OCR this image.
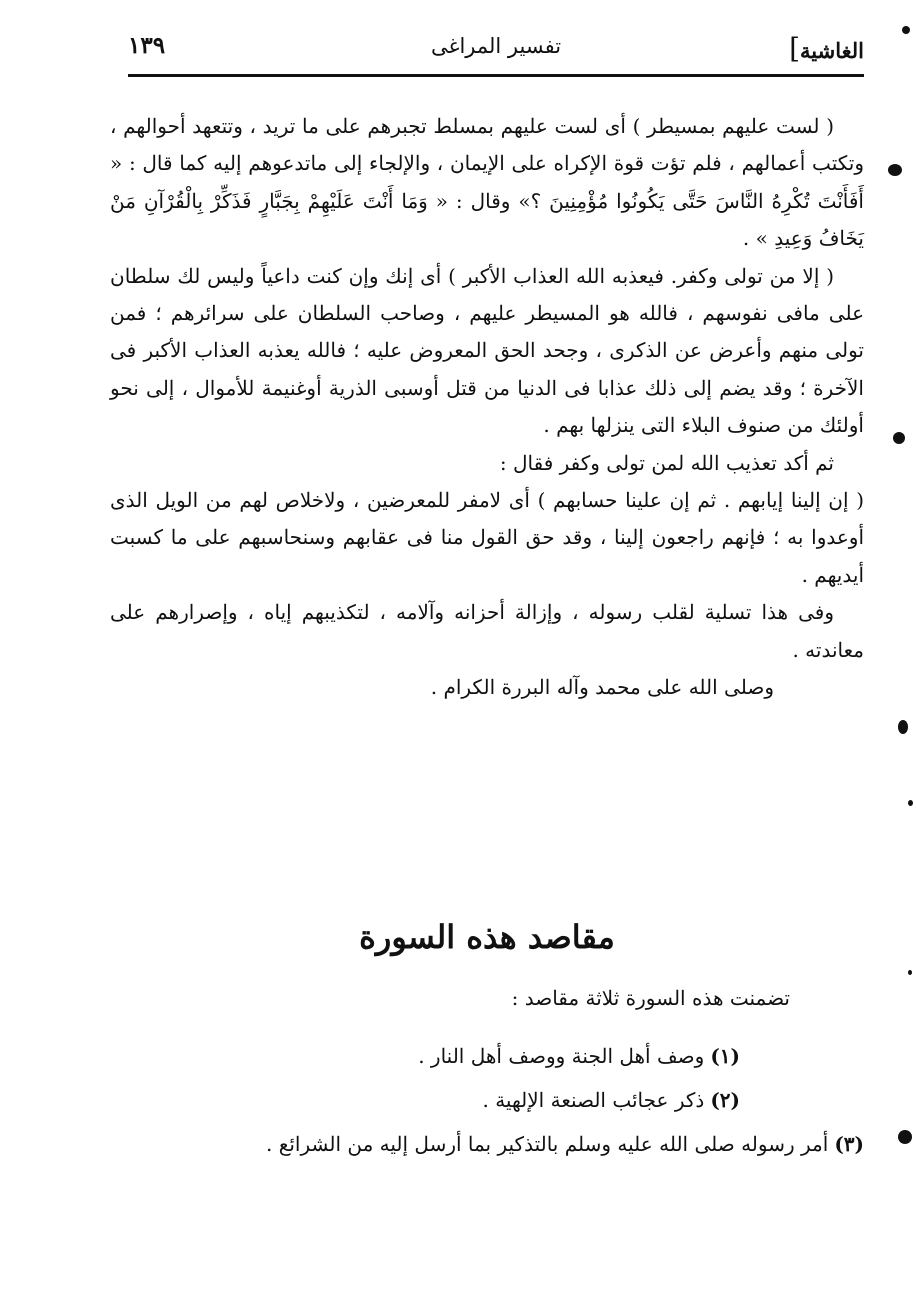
الغاشية]
تفسير المراغى
١٣٩

( لست عليهم بمسيطر ) أى لست عليهم بمسلط تجبرهم على ما تريد ، وتتعهد أحوالهم ، وتكتب أعمالهم ، فلم تؤت قوة الإكراه على الإيمان ، والإلجاء إلى ماتدعوهم إليه كما قال : « أَفَأَنْتَ تُكْرِهُ النَّاسَ حَتَّى يَكُونُوا مُؤْمِنِينَ ؟» وقال : « وَمَا أَنْتَ عَلَيْهِمْ بِجَبَّارٍ فَذَكِّرْ بِالْقُرْآنِ مَنْ يَخَافُ وَعِيدِ » .

( إلا من تولى وكفر. فيعذبه الله العذاب الأكبر ) أى إنك وإن كنت داعياً وليس لك سلطان على مافى نفوسهم ، فالله هو المسيطر عليهم ، وصاحب السلطان على سرائرهم ؛ فمن تولى منهم وأعرض عن الذكرى ، وجحد الحق المعروض عليه ؛ فالله يعذبه العذاب الأكبر فى الآخرة ؛ وقد يضم إلى ذلك عذابا فى الدنيا من قتل أوسبى الذرية أوغنيمة للأموال ، إلى نحو أولئك من صنوف البلاء التى ينزلها بهم .

ثم أكد تعذيب الله لمن تولى وكفر فقال :

( إن إلينا إيابهم . ثم إن علينا حسابهم ) أى لامفر للمعرضين ، ولاخلاص لهم من الويل الذى أوعدوا به ؛ فإنهم راجعون إلينا ، وقد حق القول منا فى عقابهم وسنحاسبهم على ما كسبت أيديهم .

وفى هذا تسلية لقلب رسوله ، وإزالة أحزانه وآلامه ، لتكذيبهم إياه ، وإصرارهم على معاندته .

وصلى الله على محمد وآله البررة الكرام .

مقاصد هذه السورة
تضمنت هذه السورة ثلاثة مقاصد :
(١)وصف أهل الجنة ووصف أهل النار .
(٢)ذكر عجائب الصنعة الإلهية .
(٣)أمر رسوله صلى الله عليه وسلم بالتذكير بما أرسل إليه من الشرائع .
